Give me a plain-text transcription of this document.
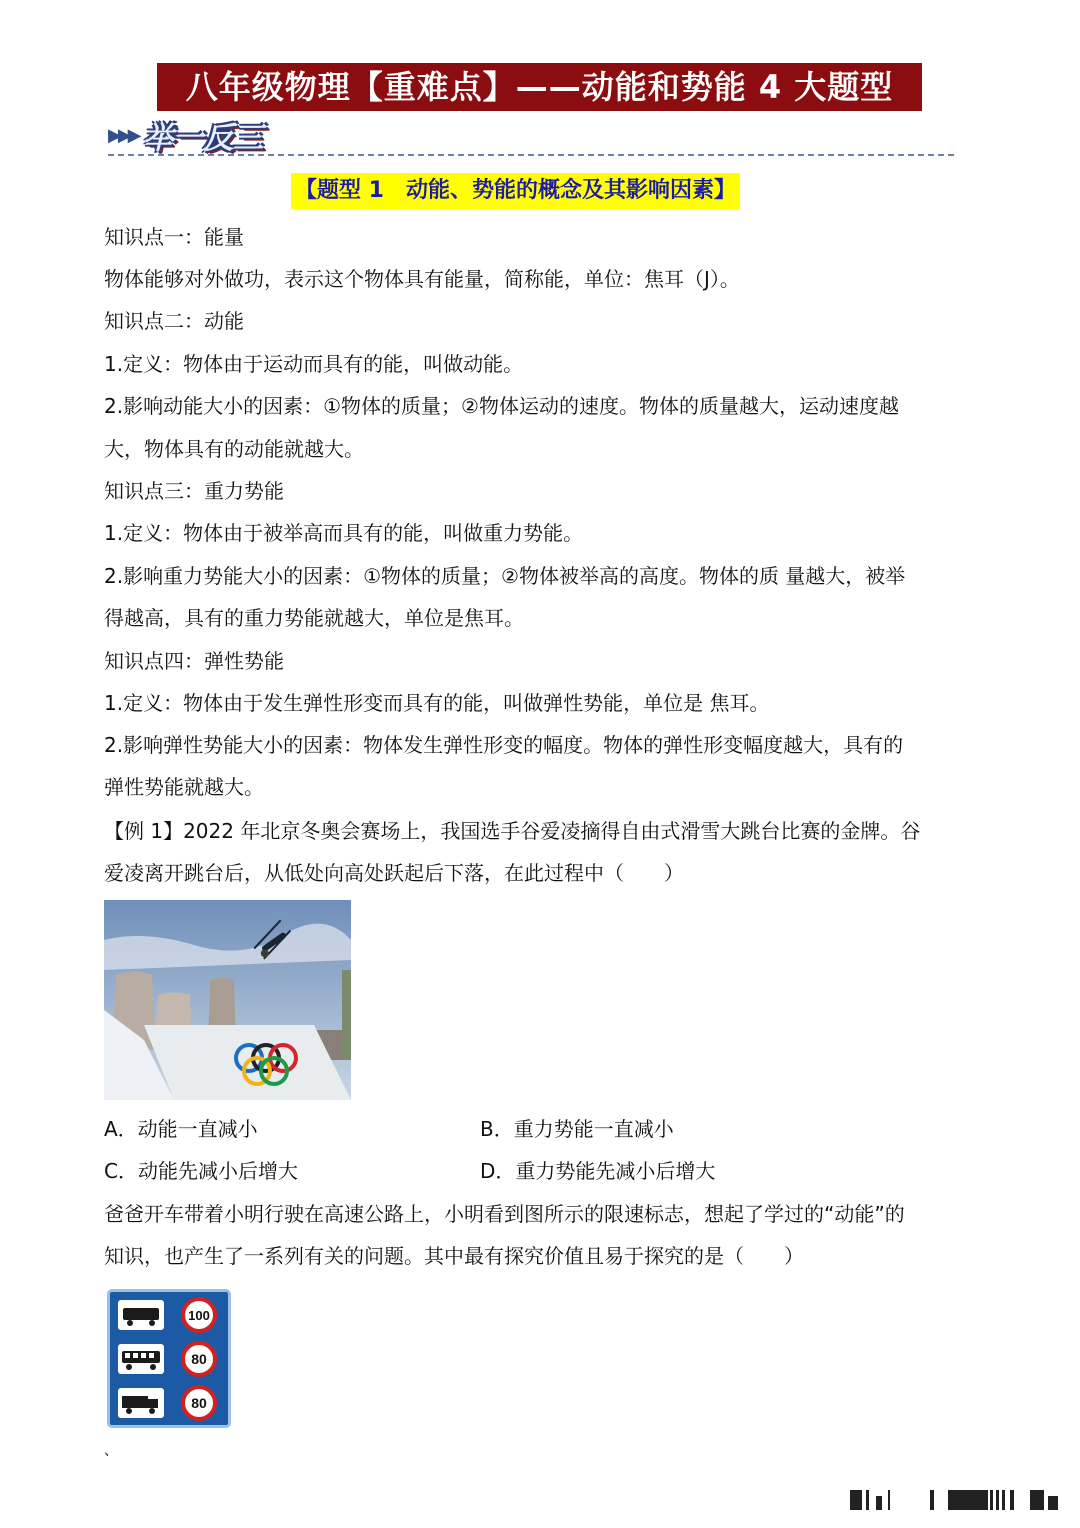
八年级物理【重难点】——动能和势能 4 大题型
▶▶▶ 举一反三
【题型 1　动能、势能的概念及其影响因素】

知识点一：能量

物体能够对外做功，表示这个物体具有能量，简称能，单位：焦耳（J）。

知识点二：动能

1.定义：物体由于运动而具有的能，叫做动能。

2.影响动能大小的因素：①物体的质量；②物体运动的速度。物体的质量越大，运动速度越

大，物体具有的动能就越大。

知识点三：重力势能

1.定义：物体由于被举高而具有的能，叫做重力势能。

2.影响重力势能大小的因素：①物体的质量；②物体被举高的高度。物体的质 量越大，被举

得越高，具有的重力势能就越大，单位是焦耳。

知识点四：弹性势能

1.定义：物体由于发生弹性形变而具有的能，叫做弹性势能，单位是 焦耳。

2.影响弹性势能大小的因素：物体发生弹性形变的幅度。物体的弹性形变幅度越大，具有的

弹性势能就越大。

【例 1】2022 年北京冬奥会赛场上，我国选手谷爱凌摘得自由式滑雪大跳台比赛的金牌。谷

爱凌离开跳台后，从低处向高处跃起后下落，在此过程中（　　）

A．动能一直减小	B．重力势能一直减小
C．动能先减小后增大	D．重力势能先减小后增大

爸爸开车带着小明行驶在高速公路上，小明看到图所示的限速标志，想起了学过的“动能”的

知识，也产生了一系列有关的问题。其中最有探究价值且易于探究的是（　　）

100
80
80
、
